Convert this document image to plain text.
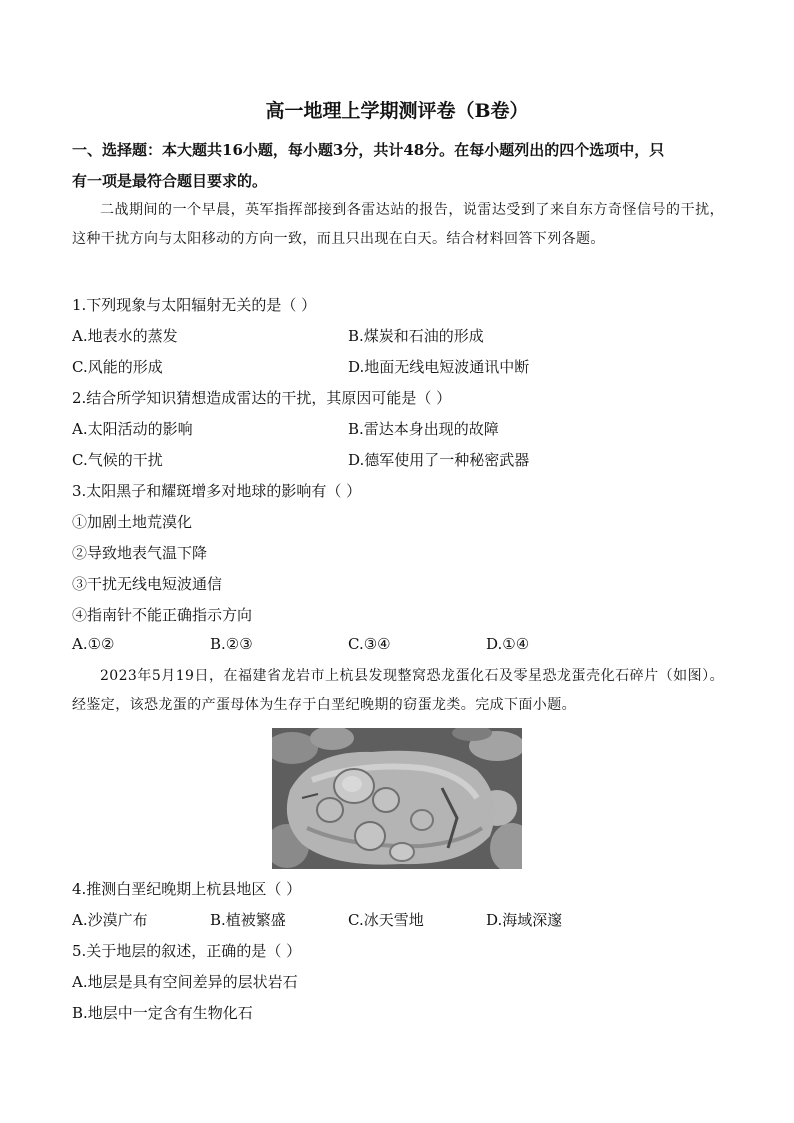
高一地理上学期测评卷（B卷）
一、选择题：本大题共16小题，每小题3分，共计48分。在每小题列出的四个选项中，只
有一项是最符合题目要求的。
二战期间的一个早晨，英军指挥部接到各雷达站的报告，说雷达受到了来自东方奇怪信号的干扰，这种干扰方向与太阳移动的方向一致，而且只出现在白天。结合材料回答下列各题。
1.下列现象与太阳辐射无关的是（ ）
A.地表水的蒸发	B.煤炭和石油的形成
C.风能的形成	D.地面无线电短波通讯中断
2.结合所学知识猜想造成雷达的干扰，其原因可能是（ ）
A.太阳活动的影响	B.雷达本身出现的故障
C.气候的干扰	D.德军使用了一种秘密武器
3.太阳黑子和耀斑增多对地球的影响有（ ）
①加剧土地荒漠化
②导致地表气温下降
③干扰无线电短波通信
④指南针不能正确指示方向
A.①②	B.②③	C.③④	D.①④
2023年5月19日，在福建省龙岩市上杭县发现整窝恐龙蛋化石及零星恐龙蛋壳化石碎片（如图）。经鉴定，该恐龙蛋的产蛋母体为生存于白垩纪晚期的窃蛋龙类。完成下面小题。
4.推测白垩纪晚期上杭县地区（ ）
A.沙漠广布	B.植被繁盛	C.冰天雪地	D.海域深邃
5.关于地层的叙述，正确的是（ ）
A.地层是具有空间差异的层状岩石
B.地层中一定含有生物化石
